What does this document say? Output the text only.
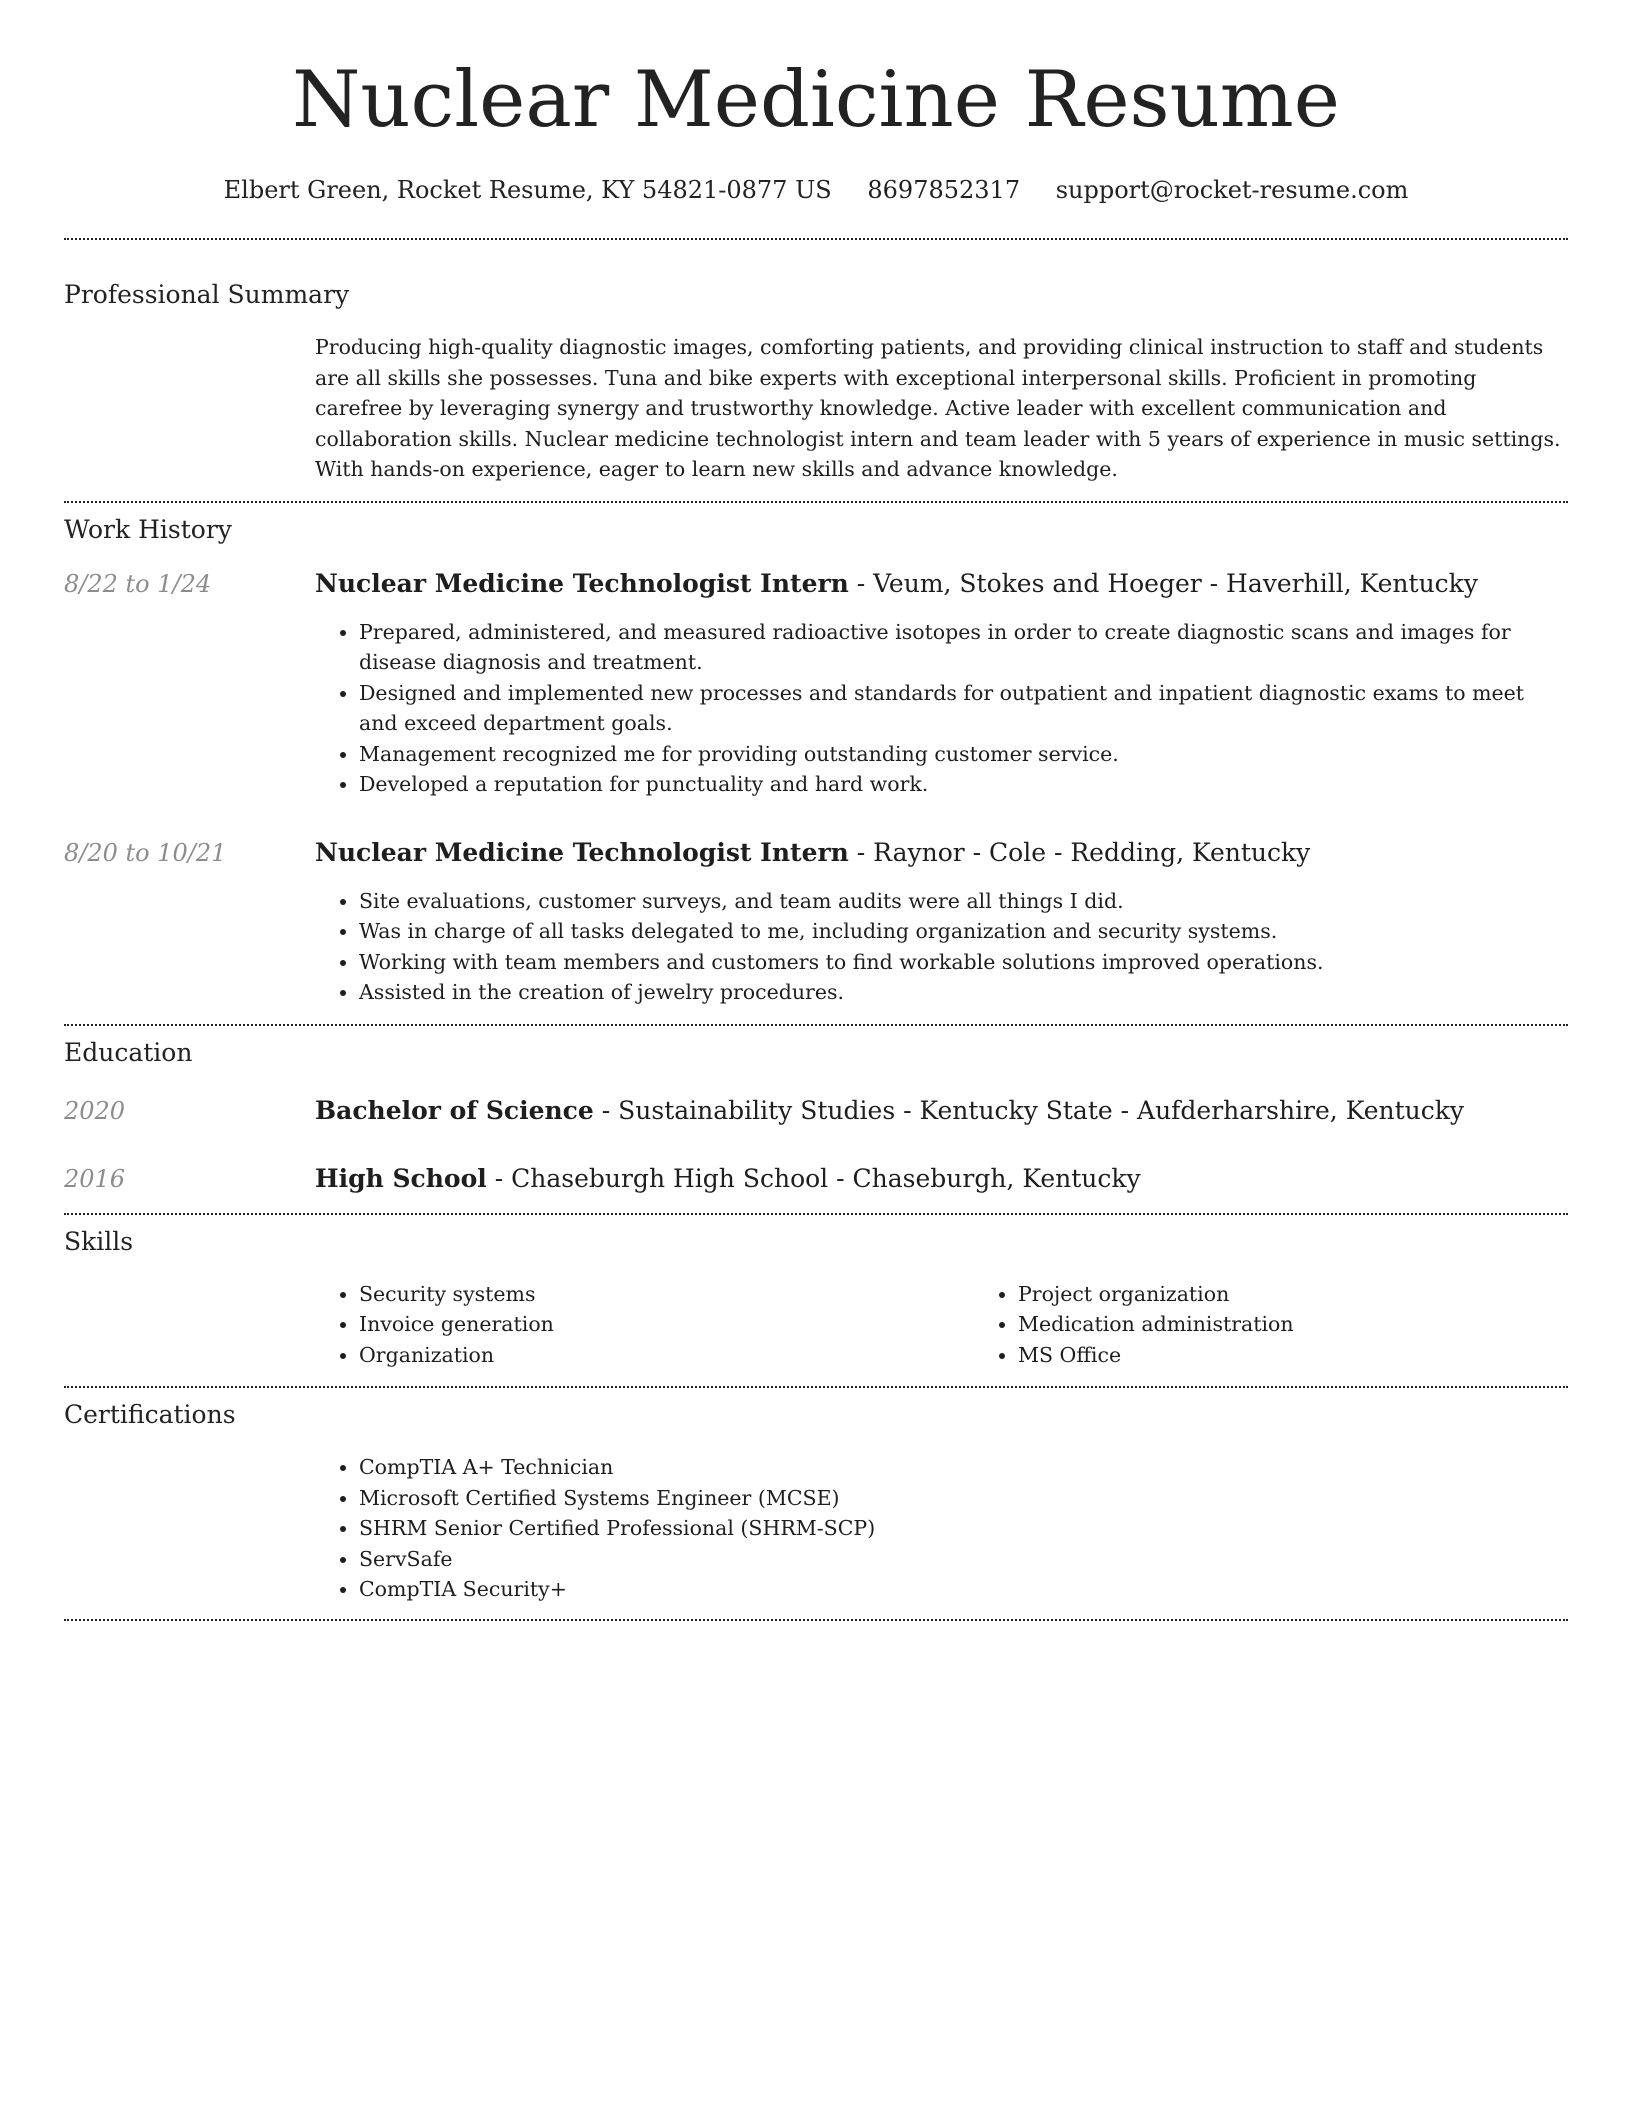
Nuclear Medicine Resume
Elbert Green, Rocket Resume, KY 54821-0877 US 8697852317 support@rocket-resume.com
Professional Summary

Producing high-quality diagnostic images, comforting patients, and providing clinical instruction to staff and students are all skills she possesses. Tuna and bike experts with exceptional interpersonal skills. Proficient in promoting carefree by leveraging synergy and trustworthy knowledge. Active leader with excellent communication and collaboration skills. Nuclear medicine technologist intern and team leader with 5 years of experience in music settings. With hands-on experience, eager to learn new skills and advance knowledge.

Work History
8/22 to 1/24	Nuclear Medicine Technologist Intern - Veum, Stokes and Hoeger - Haverhill, Kentucky

• Prepared, administered, and measured radioactive isotopes in order to create diagnostic scans and images for disease diagnosis and treatment.
• Designed and implemented new processes and standards for outpatient and inpatient diagnostic exams to meet and exceed department goals.
• Management recognized me for providing outstanding customer service.
• Developed a reputation for punctuality and hard work.
8/20 to 10/21	Nuclear Medicine Technologist Intern - Raynor - Cole - Redding, Kentucky

• Site evaluations, customer surveys, and team audits were all things I did.
• Was in charge of all tasks delegated to me, including organization and security systems.
• Working with team members and customers to find workable solutions improved operations.
• Assisted in the creation of jewelry procedures.
Education
2020	Bachelor of Science - Sustainability Studies - Kentucky State - Aufderharshire, Kentucky

2016	High School - Chaseburgh High School - Chaseburgh, Kentucky

Skills
• Security systems
• Invoice generation
• Organization
• Project organization
• Medication administration
• MS Office
Certifications
• CompTIA A+ Technician
• Microsoft Certified Systems Engineer (MCSE)
• SHRM Senior Certified Professional (SHRM-SCP)
• ServSafe
• CompTIA Security+
